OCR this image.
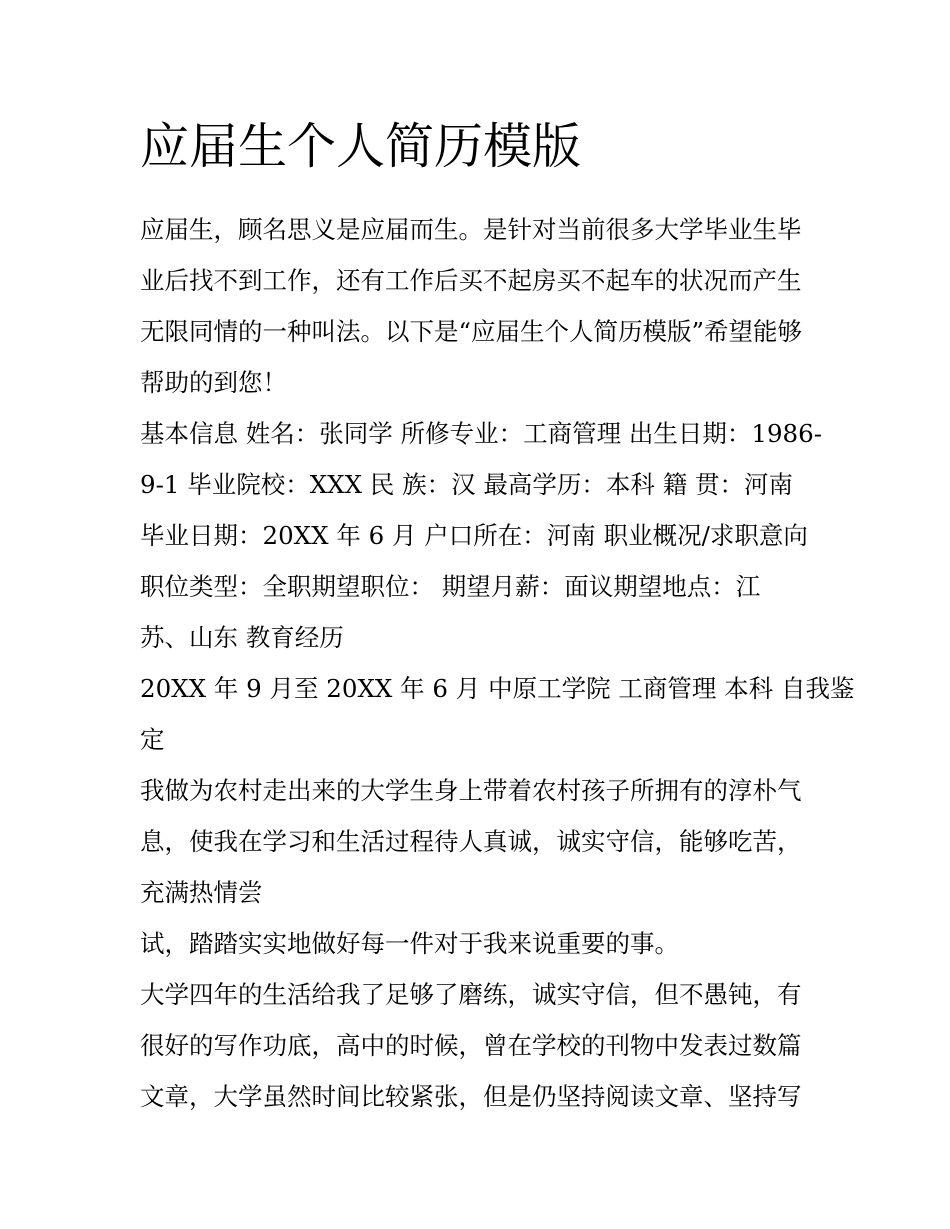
应届生个人简历模版
应届生，顾名思义是应届而生。是针对当前很多大学毕业生毕
业后找不到工作，还有工作后买不起房买不起车的状况而产生
无限同情的一种叫法。以下是“应届生个人简历模版”希望能够
帮助的到您！
基本信息 姓名：张同学 所修专业：工商管理 出生日期：1986-
9-1 毕业院校：XXX 民 族：汉 最高学历：本科 籍 贯：河南
毕业日期：20XX 年 6 月 户口所在：河南 职业概况/求职意向
职位类型：全职期望职位： 期望月薪：面议期望地点：江
苏、山东 教育经历
20XX 年 9 月至 20XX 年 6 月 中原工学院 工商管理 本科 自我鉴
定
我做为农村走出来的大学生身上带着农村孩子所拥有的淳朴气
息，使我在学习和生活过程待人真诚，诚实守信，能够吃苦，
充满热情尝
试，踏踏实实地做好每一件对于我来说重要的事。
大学四年的生活给我了足够了磨练，诚实守信，但不愚钝，有
很好的写作功底，高中的时候，曾在学校的刊物中发表过数篇
文章，大学虽然时间比较紧张，但是仍坚持阅读文章、坚持写
